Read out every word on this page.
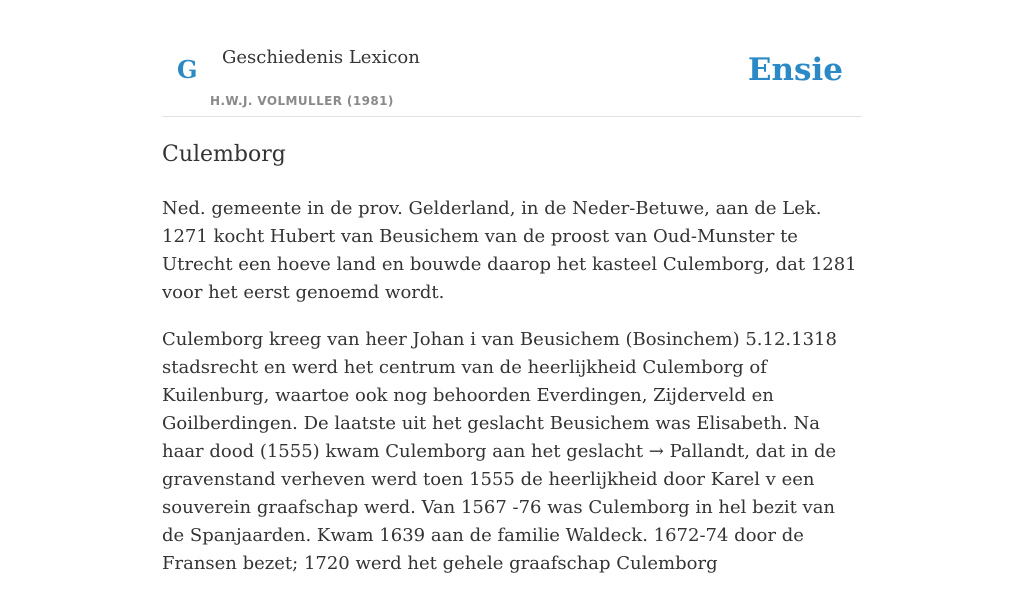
G Geschiedenis Lexicon
H.W.J. VOLMULLER (1981)
Ensie
Culemborg

Ned. gemeente in de prov. Gelderland, in de Neder-Betuwe, aan de Lek. 1271 kocht Hubert van Beusichem van de proost van Oud-Munster te Utrecht een hoeve land en bouwde daarop het kasteel Culemborg, dat 1281 voor het eerst genoemd wordt.

Culemborg kreeg van heer Johan i van Beusichem (Bosinchem) 5.12.1318 stadsrecht en werd het centrum van de heerlijkheid Culemborg of Kuilenburg, waartoe ook nog behoorden Everdingen, Zijderveld en Goilberdingen. De laatste uit het geslacht Beusichem was Elisabeth. Na haar dood (1555) kwam Culemborg aan het geslacht → Pallandt, dat in de gravenstand verheven werd toen 1555 de heerlijkheid door Karel v een souverein graafschap werd. Van 1567 -76 was Culemborg in hel bezit van de Spanjaarden. Kwam 1639 aan de familie Waldeck. 1672-74 door de Fransen bezet; 1720 werd het gehele graafschap Culemborg
